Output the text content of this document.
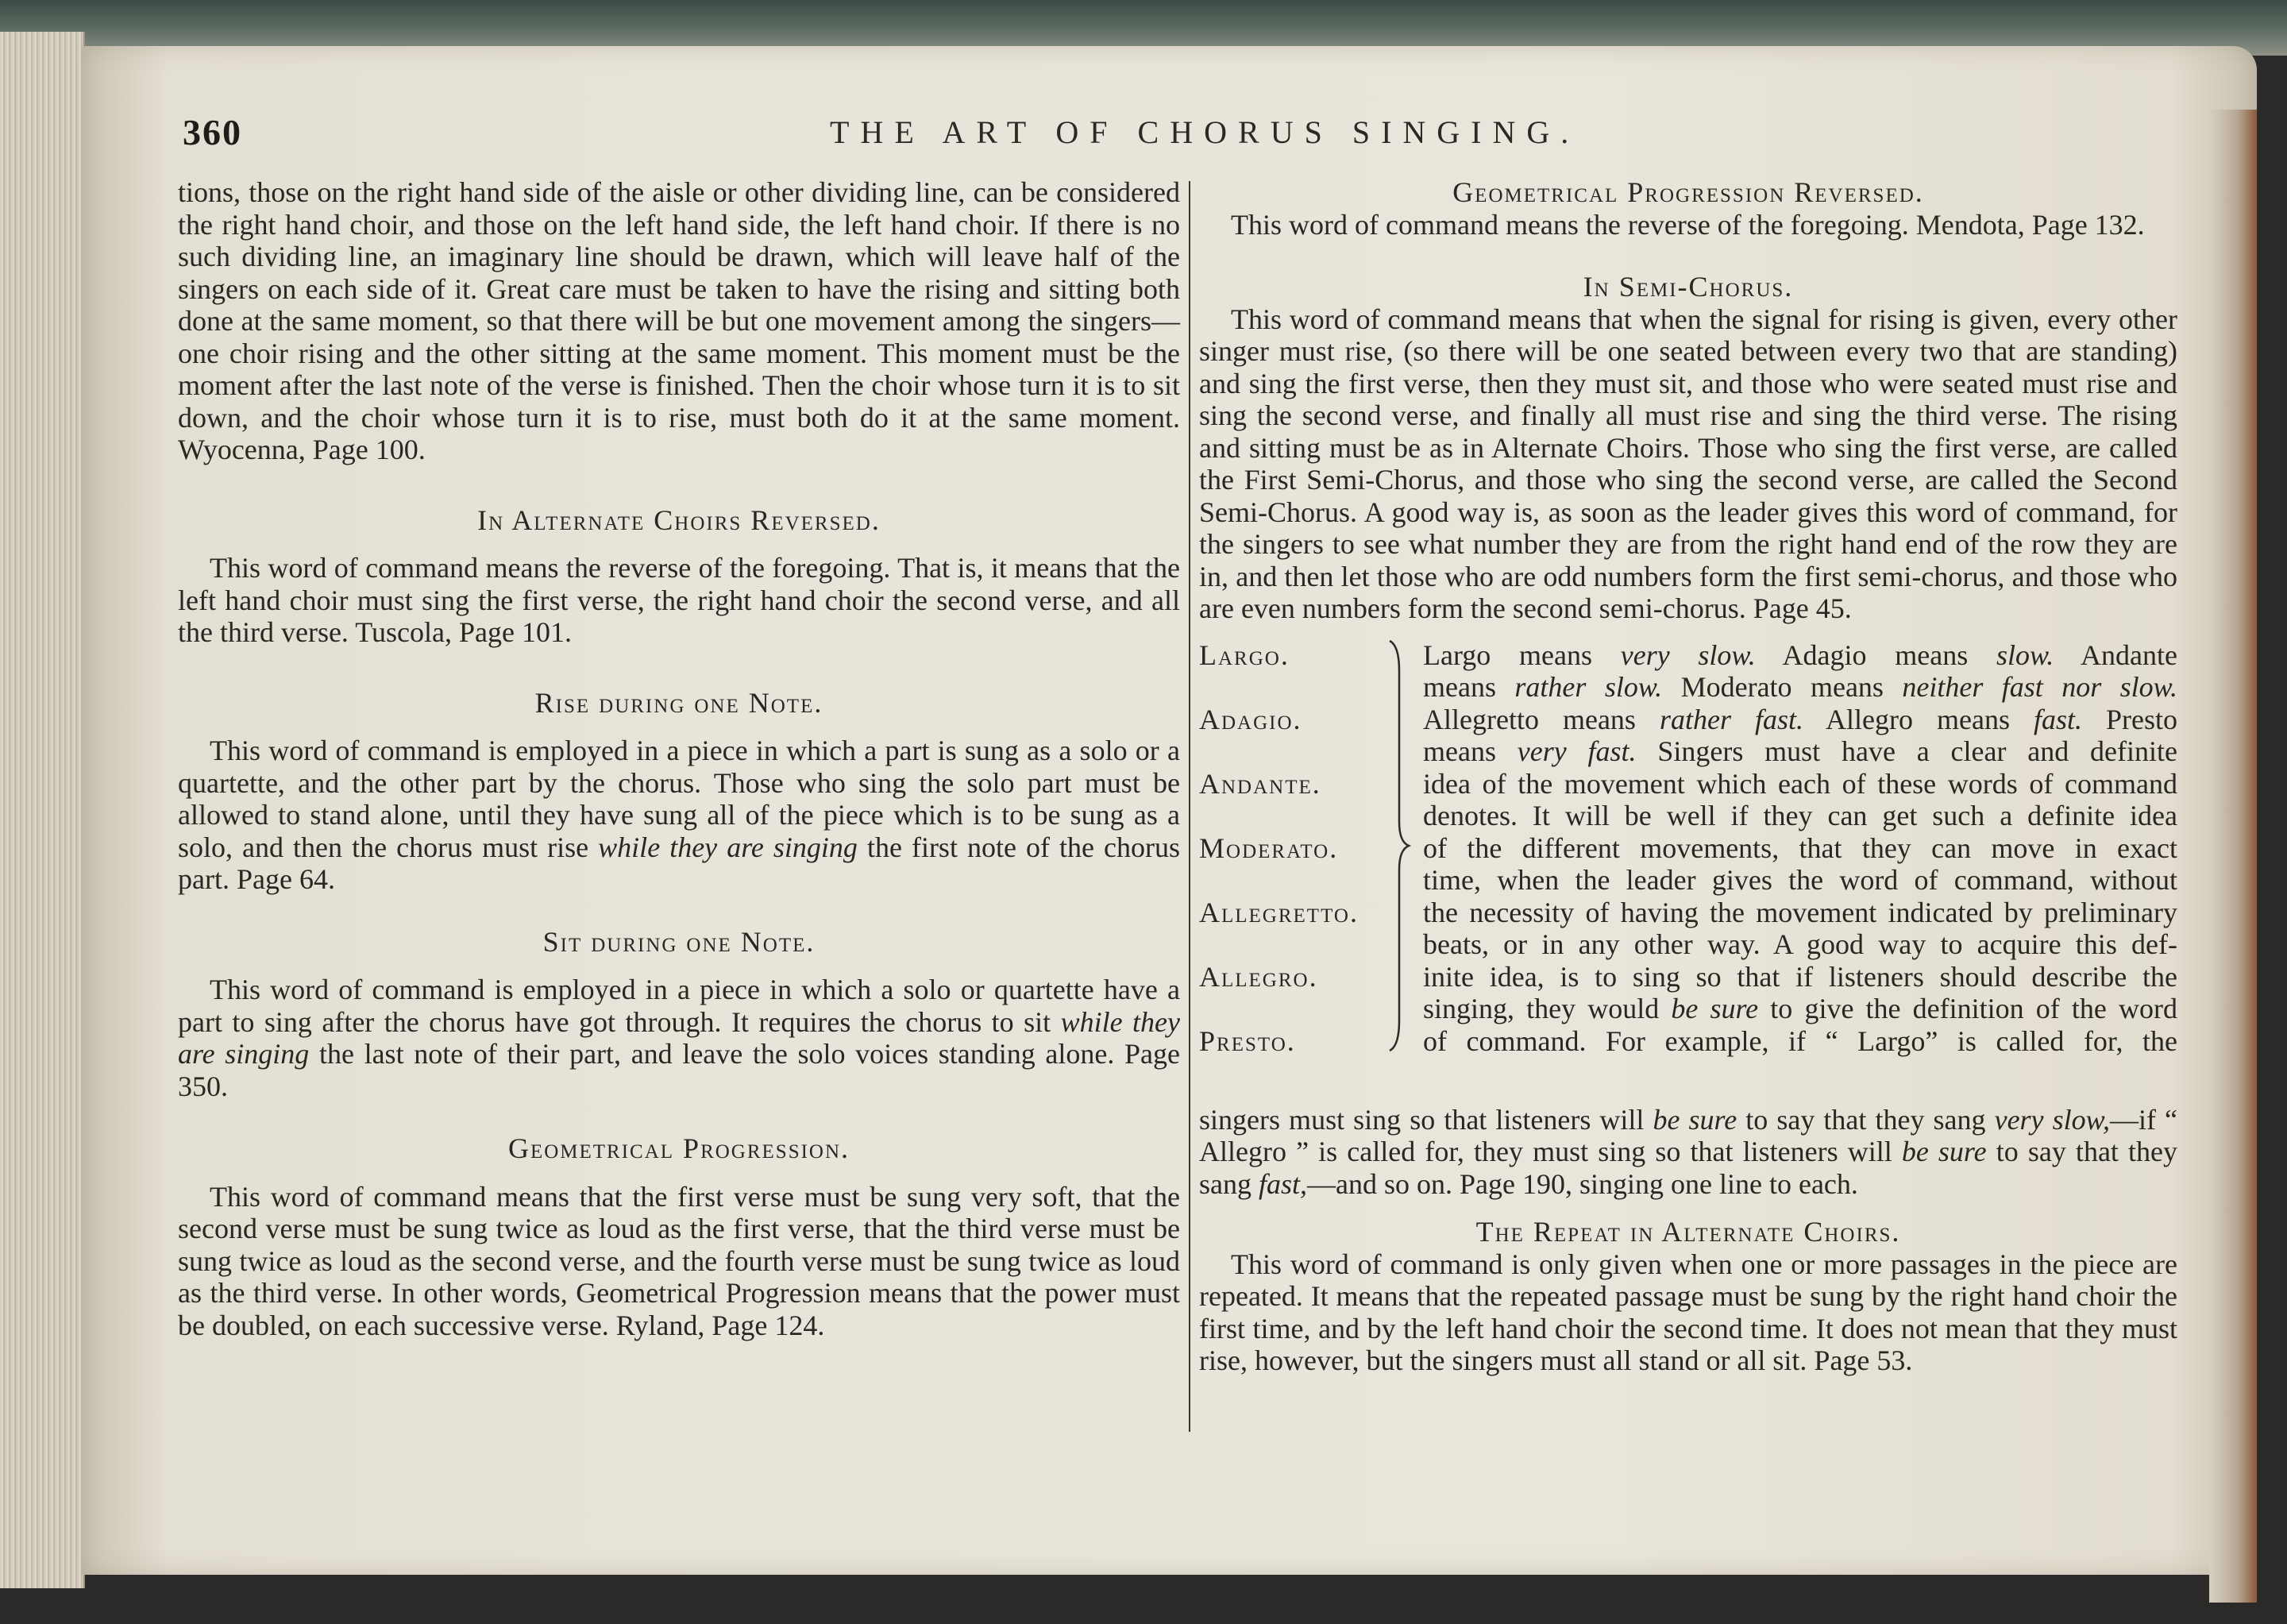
360	THE ART OF CHORUS SINGING.

tions, those on the right hand side of the aisle or other dividing line, can be considered the right hand choir, and those on the left hand side, the left hand choir. If there is no such dividing line, an imaginary line should be drawn, which will leave half of the singers on each side of it. Great care must be taken to have the rising and sitting both done at the same moment, so that there will be but one movement among the singers—one choir rising and the other sitting at the same moment. This moment must be the moment after the last note of the verse is finished. Then the choir whose turn it is to sit down, and the choir whose turn it is to rise, must both do it at the same moment. Wyocenna, Page 100.

In Alternate Choirs Reversed.

This word of command means the reverse of the foregoing. That is, it means that the left hand choir must sing the first verse, the right hand choir the second verse, and all the third verse. Tuscola, Page 101.

Rise during one Note.

This word of command is employed in a piece in which a part is sung as a solo or a quartette, and the other part by the chorus. Those who sing the solo part must be allowed to stand alone, until they have sung all of the piece which is to be sung as a solo, and then the chorus must rise while they are singing the first note of the chorus part. Page 64.

Sit during one Note.

This word of command is employed in a piece in which a solo or quartette have a part to sing after the chorus have got through. It requires the chorus to sit while they are singing the last note of their part, and leave the solo voices standing alone. Page 350.

Geometrical Progression.

This word of command means that the first verse must be sung very soft, that the second verse must be sung twice as loud as the first verse, that the third verse must be sung twice as loud as the second verse, and the fourth verse must be sung twice as loud as the third verse. In other words, Geometrical Progression means that the power must be doubled, on each successive verse. Ryland, Page 124.

Geometrical Progression Reversed.

This word of command means the reverse of the foregoing. Mendota, Page 132.

In Semi-Chorus.

This word of command means that when the signal for rising is given, every other singer must rise, (so there will be one seated between every two that are standing) and sing the first verse, then they must sit, and those who were seated must rise and sing the second verse, and finally all must rise and sing the third verse. The rising and sitting must be as in Alternate Choirs. Those who sing the first verse, are called the First Semi-Chorus, and those who sing the second verse, are called the Second Semi-Chorus. A good way is, as soon as the leader gives this word of command, for the singers to see what number they are from the right hand end of the row they are in, and then let those who are odd numbers form the first semi-chorus, and those who are even numbers form the second semi-chorus. Page 45.

Largo.
Adagio.
Andante.
Moderato.
Allegretto.
Allegro.
Presto.
Largo means very slow. Adagio means slow. Andante
means rather slow. Moderato means neither fast nor slow.
Allegretto means rather fast. Allegro means fast. Presto
means very fast. Singers must have a clear and definite
idea of the movement which each of these words of command
denotes. It will be well if they can get such a definite idea
of the different movements, that they can move in exact
time, when the leader gives the word of command, without
the necessity of having the movement indicated by preliminary
beats, or in any other way. A good way to acquire this def-
inite idea, is to sing so that if listeners should describe the
singing, they would be sure to give the definition of the word
of command. For example, if “ Largo” is called for, the

singers must sing so that listeners will be sure to say that they sang very slow,—if “ Allegro ” is called for, they must sing so that listeners will be sure to say that they sang fast,—and so on. Page 190, singing one line to each.

The Repeat in Alternate Choirs.

This word of command is only given when one or more passages in the piece are repeated. It means that the repeated passage must be sung by the right hand choir the first time, and by the left hand choir the second time. It does not mean that they must rise, however, but the singers must all stand or all sit. Page 53.
